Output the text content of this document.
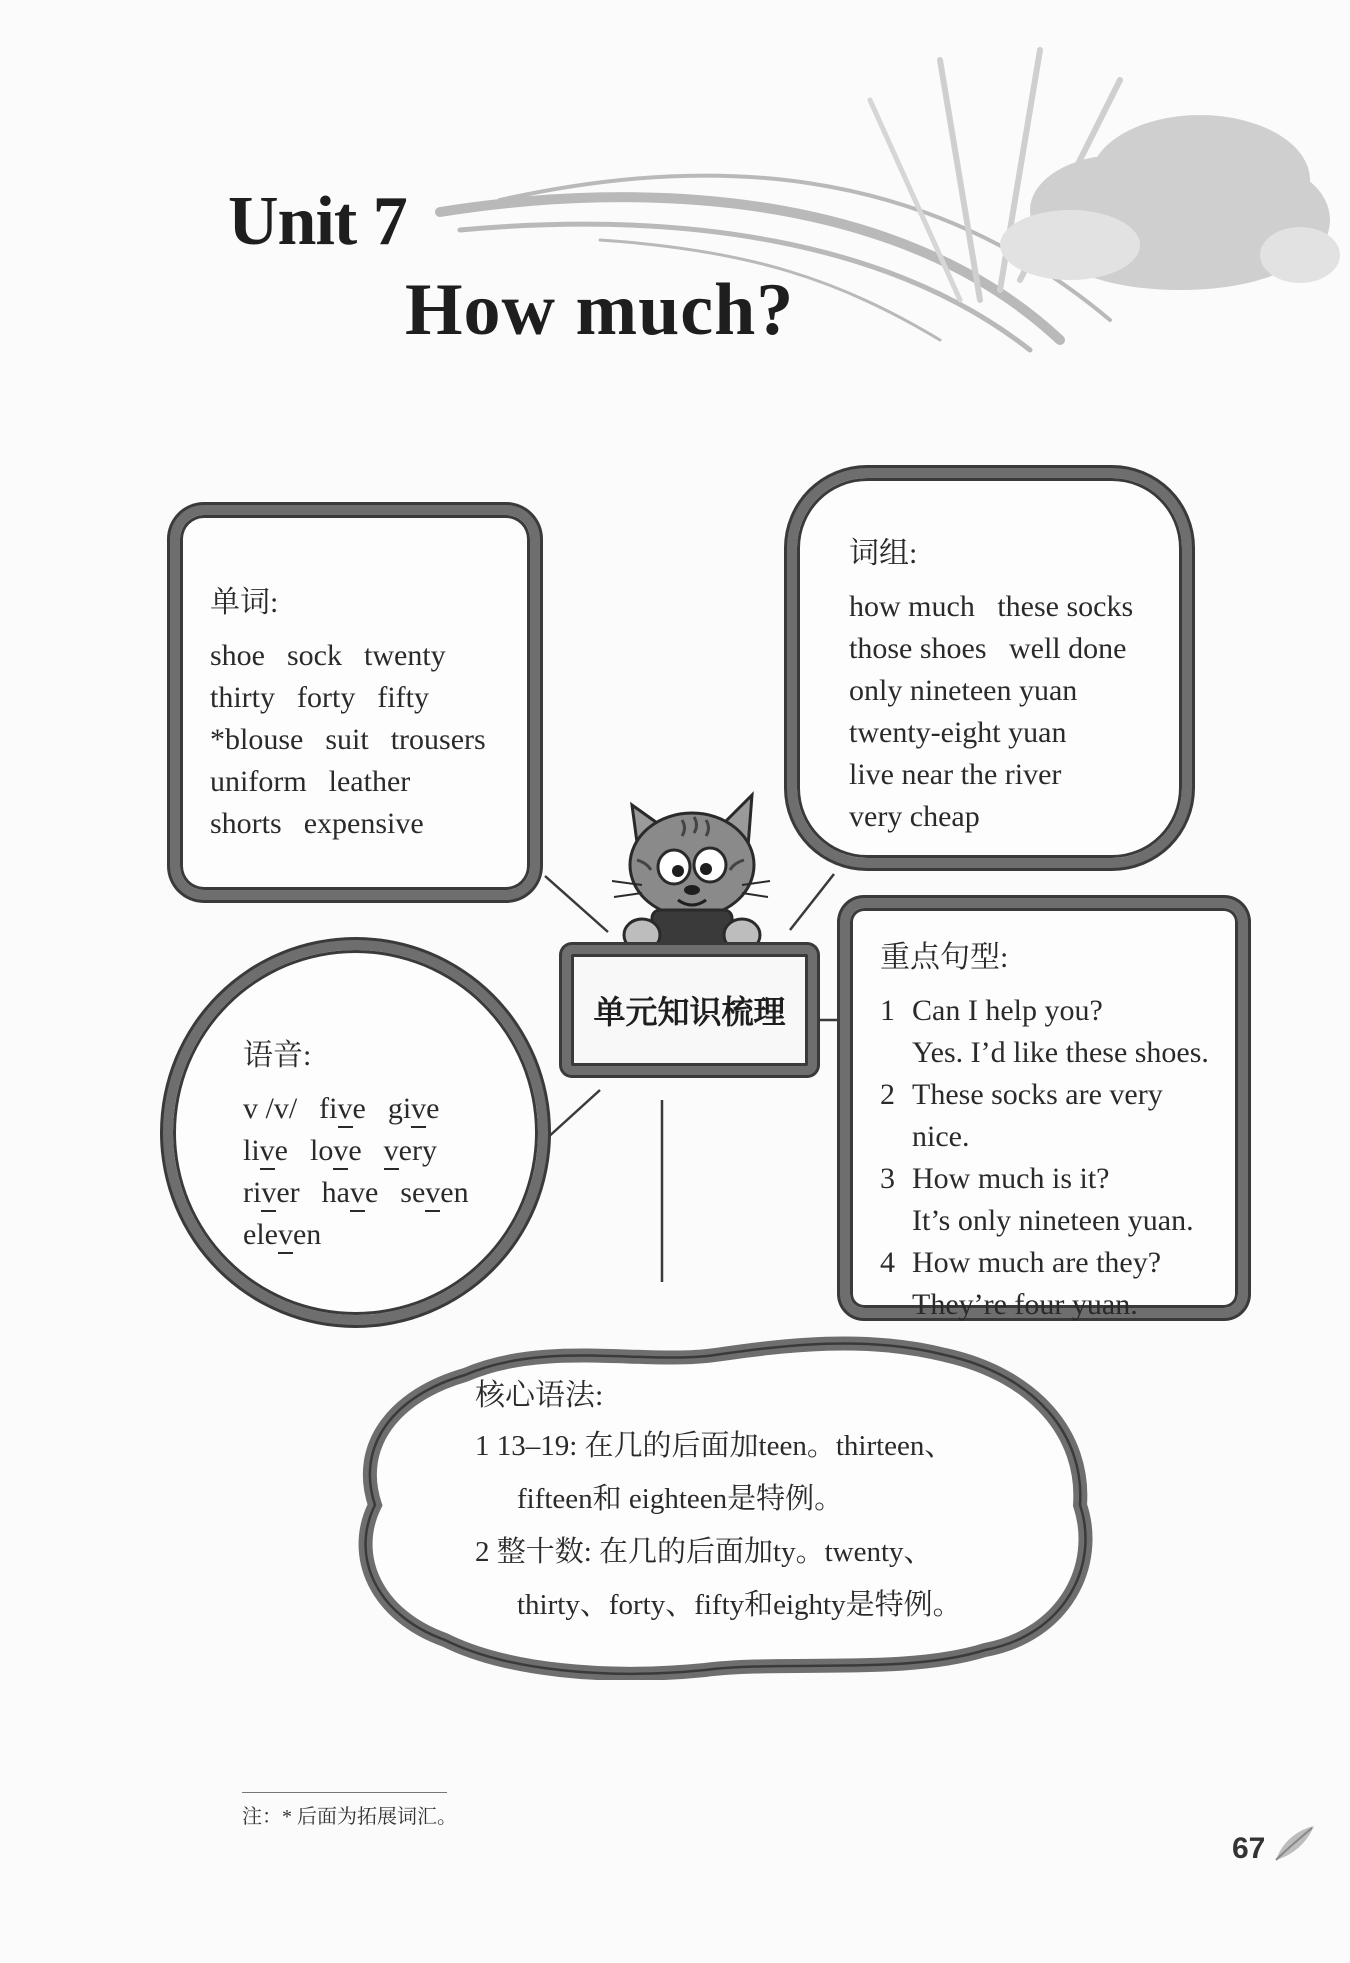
Unit 7
How much?
单词:
shoe sock twenty
thirty forty fifty
*blouse suit trousers
uniform leather
shorts expensive
词组:
how much   these socks
those shoes   well done
only nineteen yuan
twenty-eight yuan
live near the river
very cheap
单元知识梳理
重点句型:
1 Can I help you?
Yes. I’d like these shoes.
2 These socks are very
nice.
3 How much is it?
It’s only nineteen yuan.
4 How much are they?
They’re four yuan.
语音:
v /v/ five give
live love very
river have seven
eleven
核心语法:
1 13–19: 在几的后面加teen。thirteen、
fifteen和 eighteen是特例。
2 整十数: 在几的后面加ty。twenty、
thirty、forty、fifty和eighty是特例。
注：* 后面为拓展词汇。
67
